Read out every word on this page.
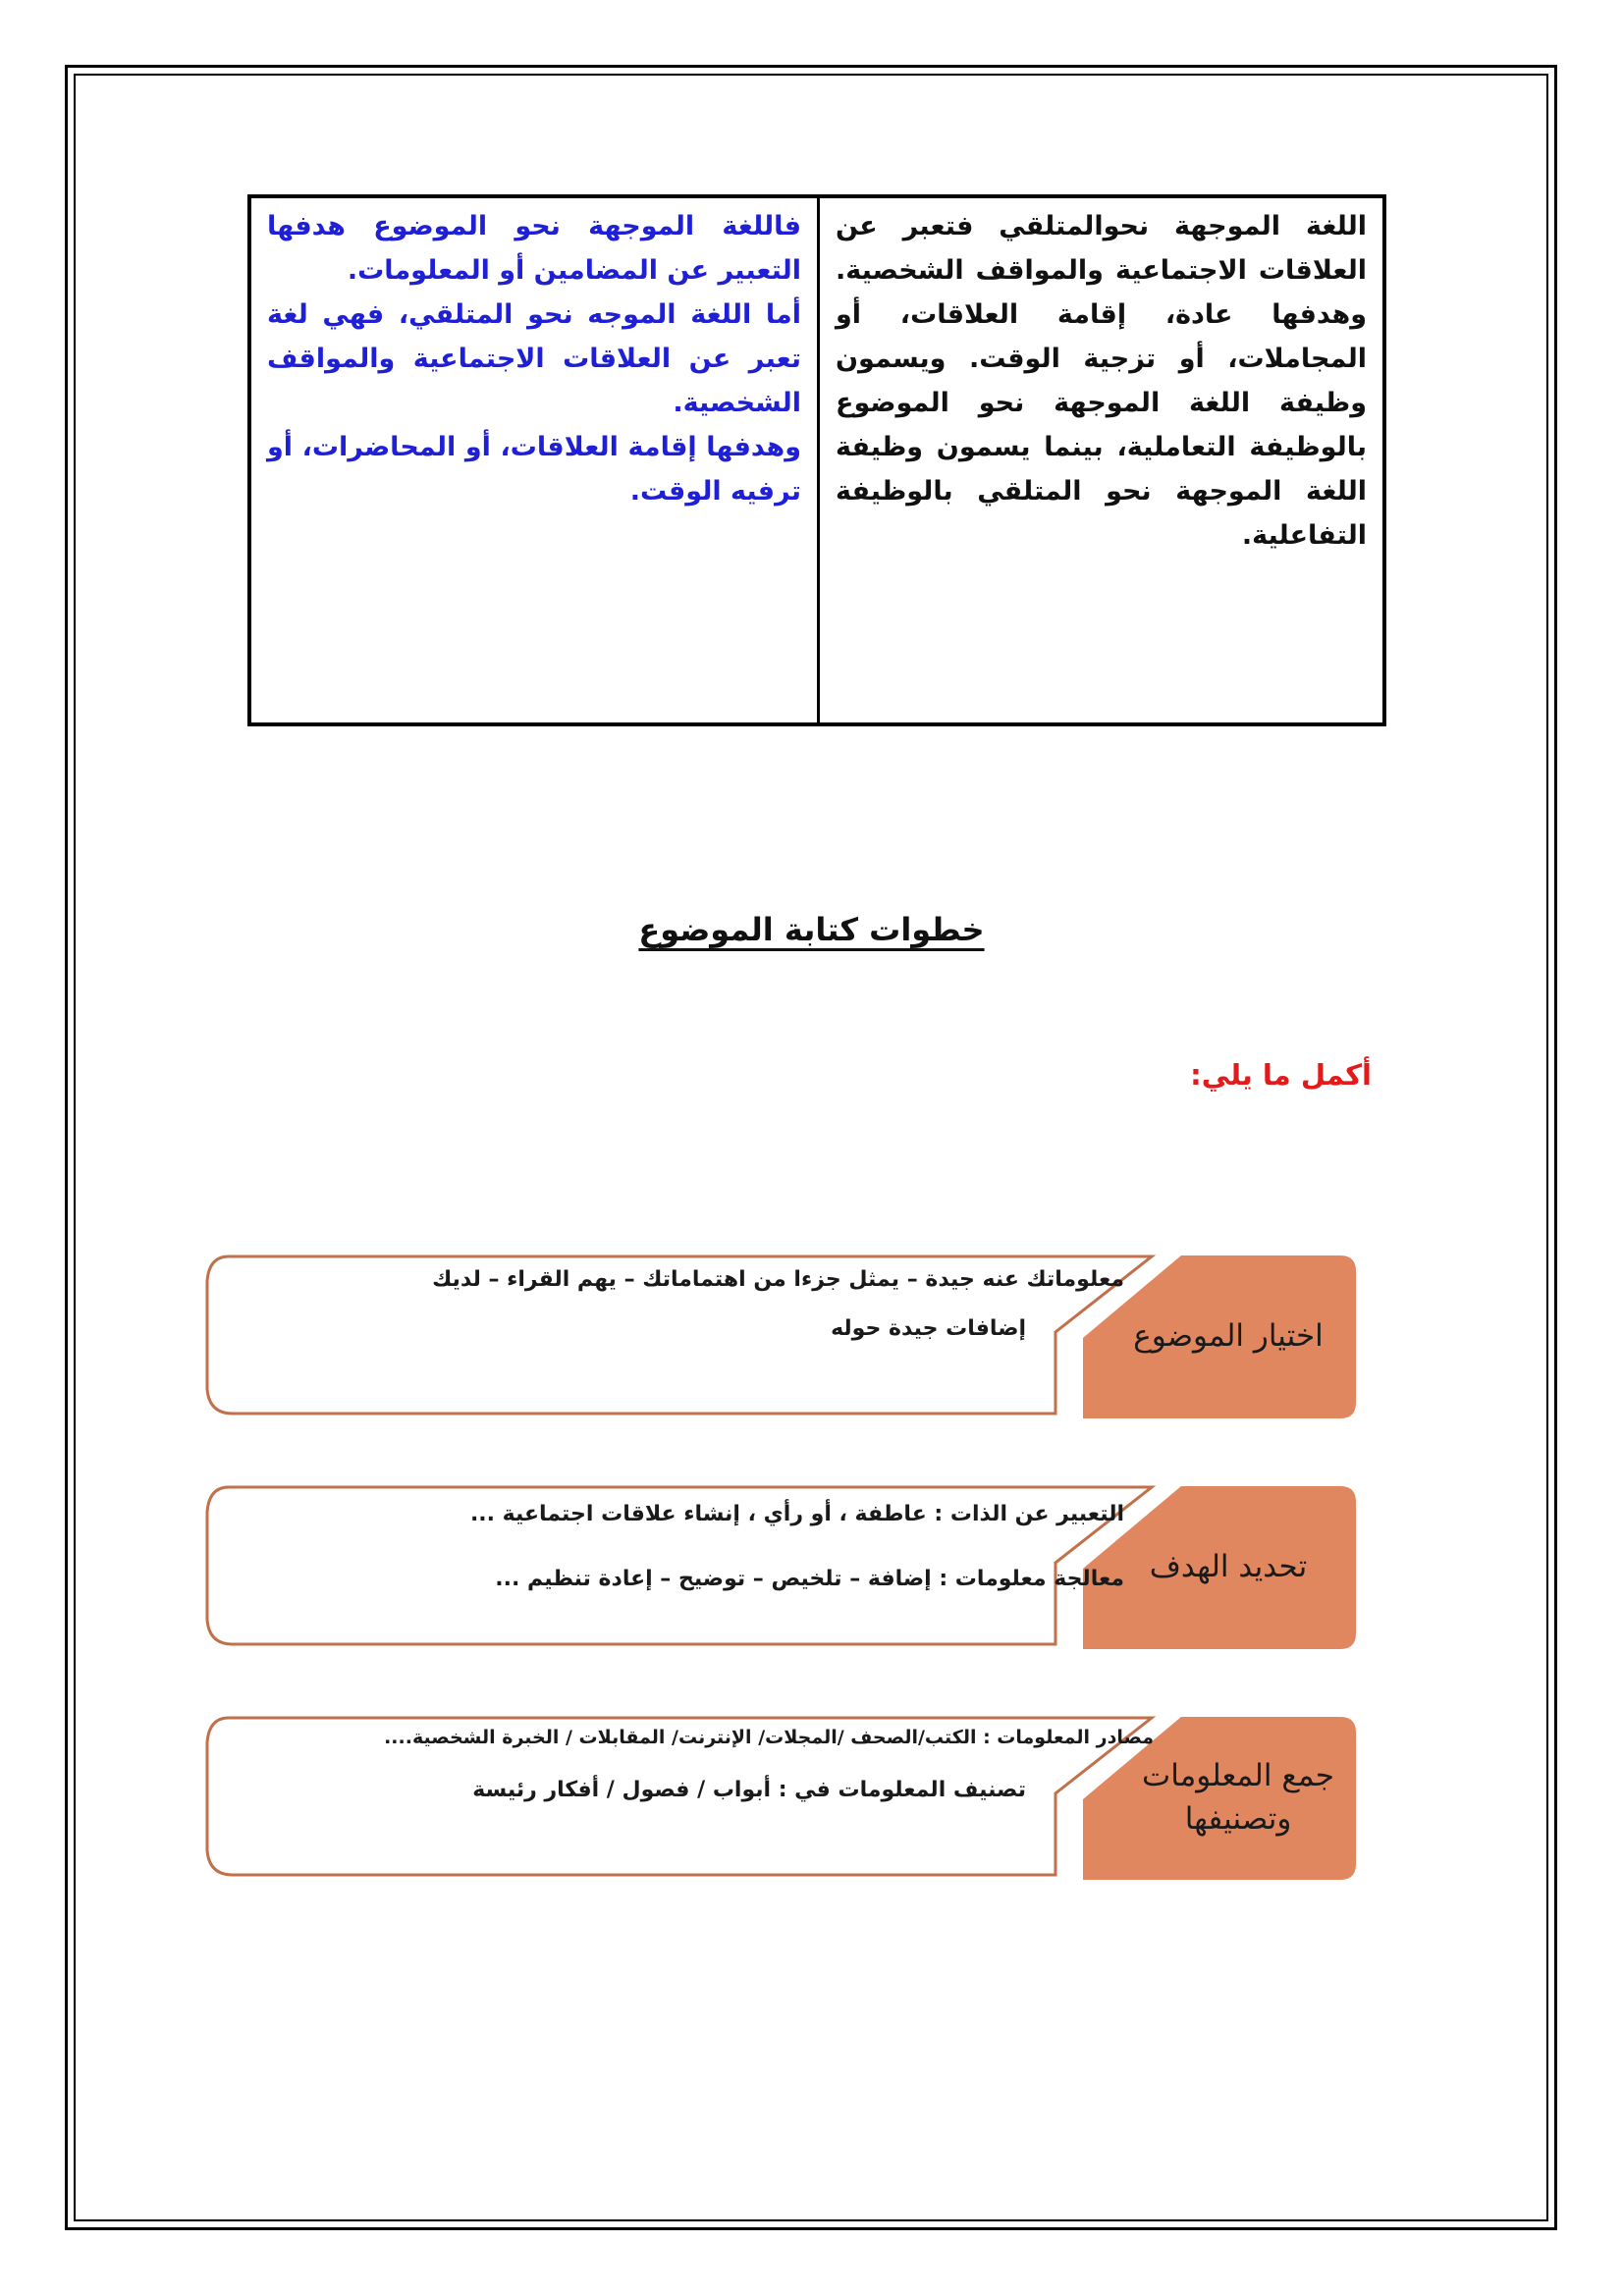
اللغة الموجهة نحوالمتلقي فتعبر عن العلاقات الاجتماعية والمواقف الشخصية. وهدفها عادة، إقامة العلاقات، أو المجاملات، أو تزجية الوقت. ويسمون وظيفة اللغة الموجهة نحو الموضوع بالوظيفة التعاملية، بينما يسمون وظيفة اللغة الموجهة نحو المتلقي بالوظيفة التفاعلية.

فاللغة الموجهة نحو الموضوع هدفها التعبير عن المضامين أو المعلومات.

أما اللغة الموجه نحو المتلقي، فهي لغة تعبر عن العلاقات الاجتماعية والمواقف الشخصية.

وهدفها إقامة العلاقات، أو المحاضرات، أو ترفيه الوقت.

خطوات كتابة الموضوع
أكمل ما يلي:
اختيار الموضوع
معلوماتك عنه جيدة – يمثل جزءا من اهتماماتك – يهم القراء – لديك
إضافات جيدة حوله
تحديد الهدف
التعبير عن الذات : عاطفة ، أو رأي ، إنشاء علاقات اجتماعية ...
معالجة معلومات : إضافة – تلخيص – توضيح – إعادة تنظيم ...
جمع المعلومات وتصنيفها
مصادر المعلومات : الكتب/الصحف /المجلات/ الإنترنت/ المقابلات / الخبرة الشخصية....
تصنيف المعلومات في : أبواب / فصول / أفكار رئيسة
